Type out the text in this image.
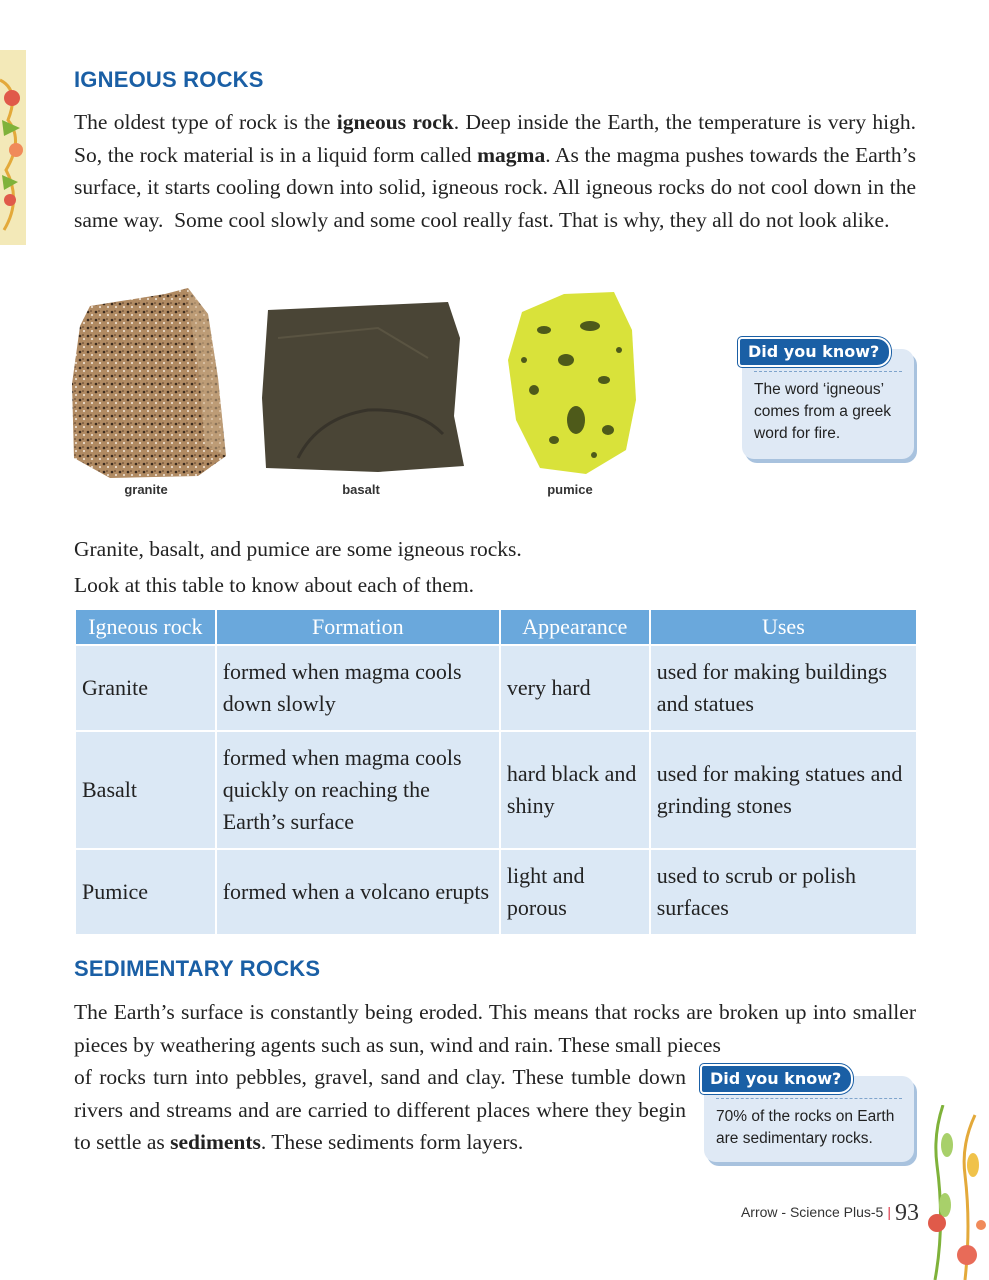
IGNEOUS ROCKS

The oldest type of rock is the igneous rock. Deep inside the Earth, the temperature is very high. So, the rock material is in a liquid form called magma. As the magma pushes towards the Earth’s surface, it starts cooling down into solid, igneous rock. All igneous rocks do not cool down in the same way.  Some cool slowly and some cool really fast. That is why, they all do not look alike.

granite	basalt	pumice
Did you know?
The word ‘igneous’ comes from a greek word for fire.

Granite, basalt, and pumice are some igneous rocks.

Look at this table to know about each of them.

Igneous rock	Formation	Appearance	Uses
Granite	formed when magma cools down slowly	very hard	used for making buildings and statues
Basalt	formed when magma cools quickly on reaching the Earth’s surface	hard black and shiny	used for making statues and grinding stones
Pumice	formed when a volcano erupts	light and porous	used to scrub or polish surfaces
SEDIMENTARY ROCKS

The Earth’s surface is constantly being eroded. This means that rocks are broken up into smaller pieces by weathering agents such as sun, wind and rain. These small pieces

of rocks turn into pebbles, gravel, sand and clay. These tumble down rivers and streams and are carried to different places where they begin to settle as sediments. These sediments form layers.

Did you know?
70% of the rocks on Earth are sedimentary rocks.
Arrow - Science Plus-5 | 93
